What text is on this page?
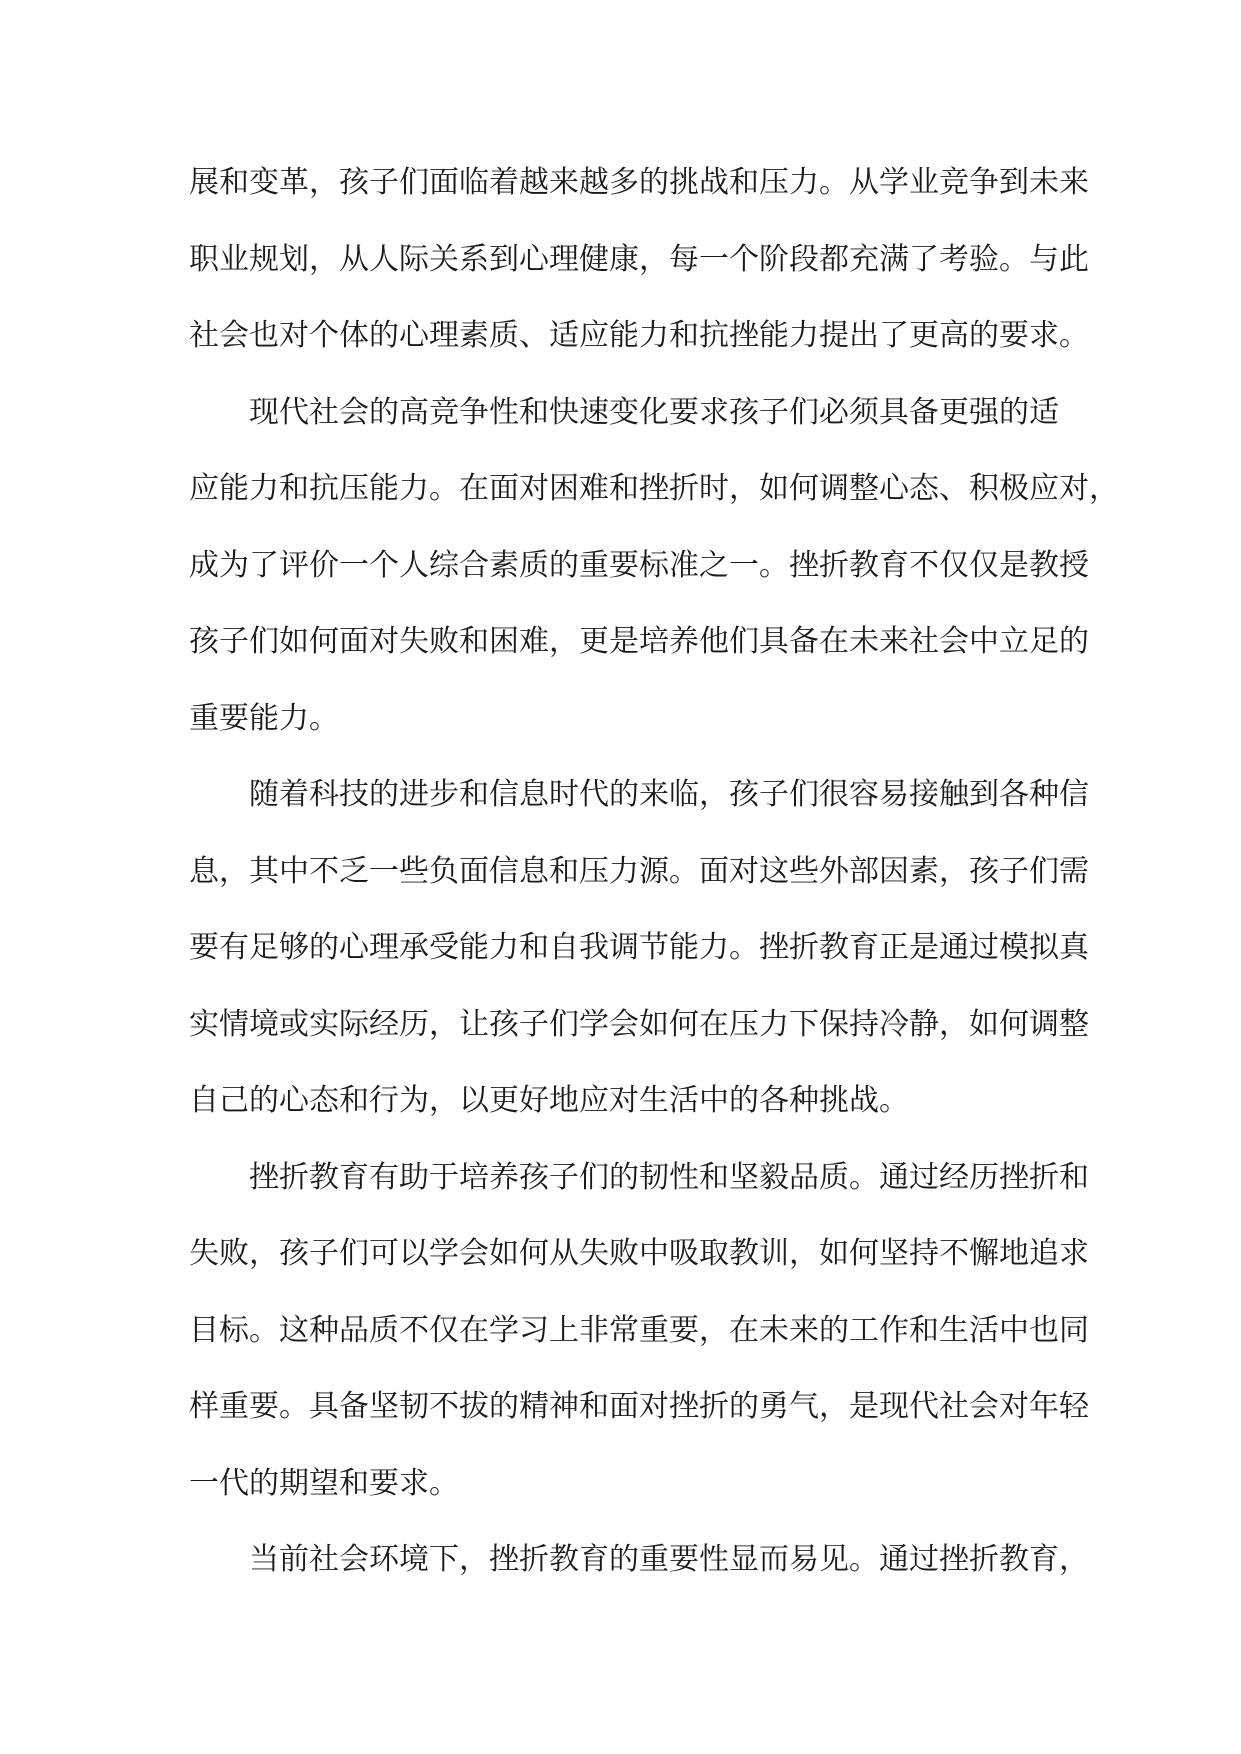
展和变革，孩子们面临着越来越多的挑战和压力。从学业竞争到未来
职业规划，从人际关系到心理健康，每一个阶段都充满了考验。与此
社会也对个体的心理素质、适应能力和抗挫能力提出了更高的要求。
现代社会的高竞争性和快速变化要求孩子们必须具备更强的适
应能力和抗压能力。在面对困难和挫折时，如何调整心态、积极应对，
成为了评价一个人综合素质的重要标准之一。挫折教育不仅仅是教授
孩子们如何面对失败和困难，更是培养他们具备在未来社会中立足的
重要能力。
随着科技的进步和信息时代的来临，孩子们很容易接触到各种信
息，其中不乏一些负面信息和压力源。面对这些外部因素，孩子们需
要有足够的心理承受能力和自我调节能力。挫折教育正是通过模拟真
实情境或实际经历，让孩子们学会如何在压力下保持冷静，如何调整
自己的心态和行为，以更好地应对生活中的各种挑战。
挫折教育有助于培养孩子们的韧性和坚毅品质。通过经历挫折和
失败，孩子们可以学会如何从失败中吸取教训，如何坚持不懈地追求
目标。这种品质不仅在学习上非常重要，在未来的工作和生活中也同
样重要。具备坚韧不拔的精神和面对挫折的勇气，是现代社会对年轻
一代的期望和要求。
当前社会环境下，挫折教育的重要性显而易见。通过挫折教育，
